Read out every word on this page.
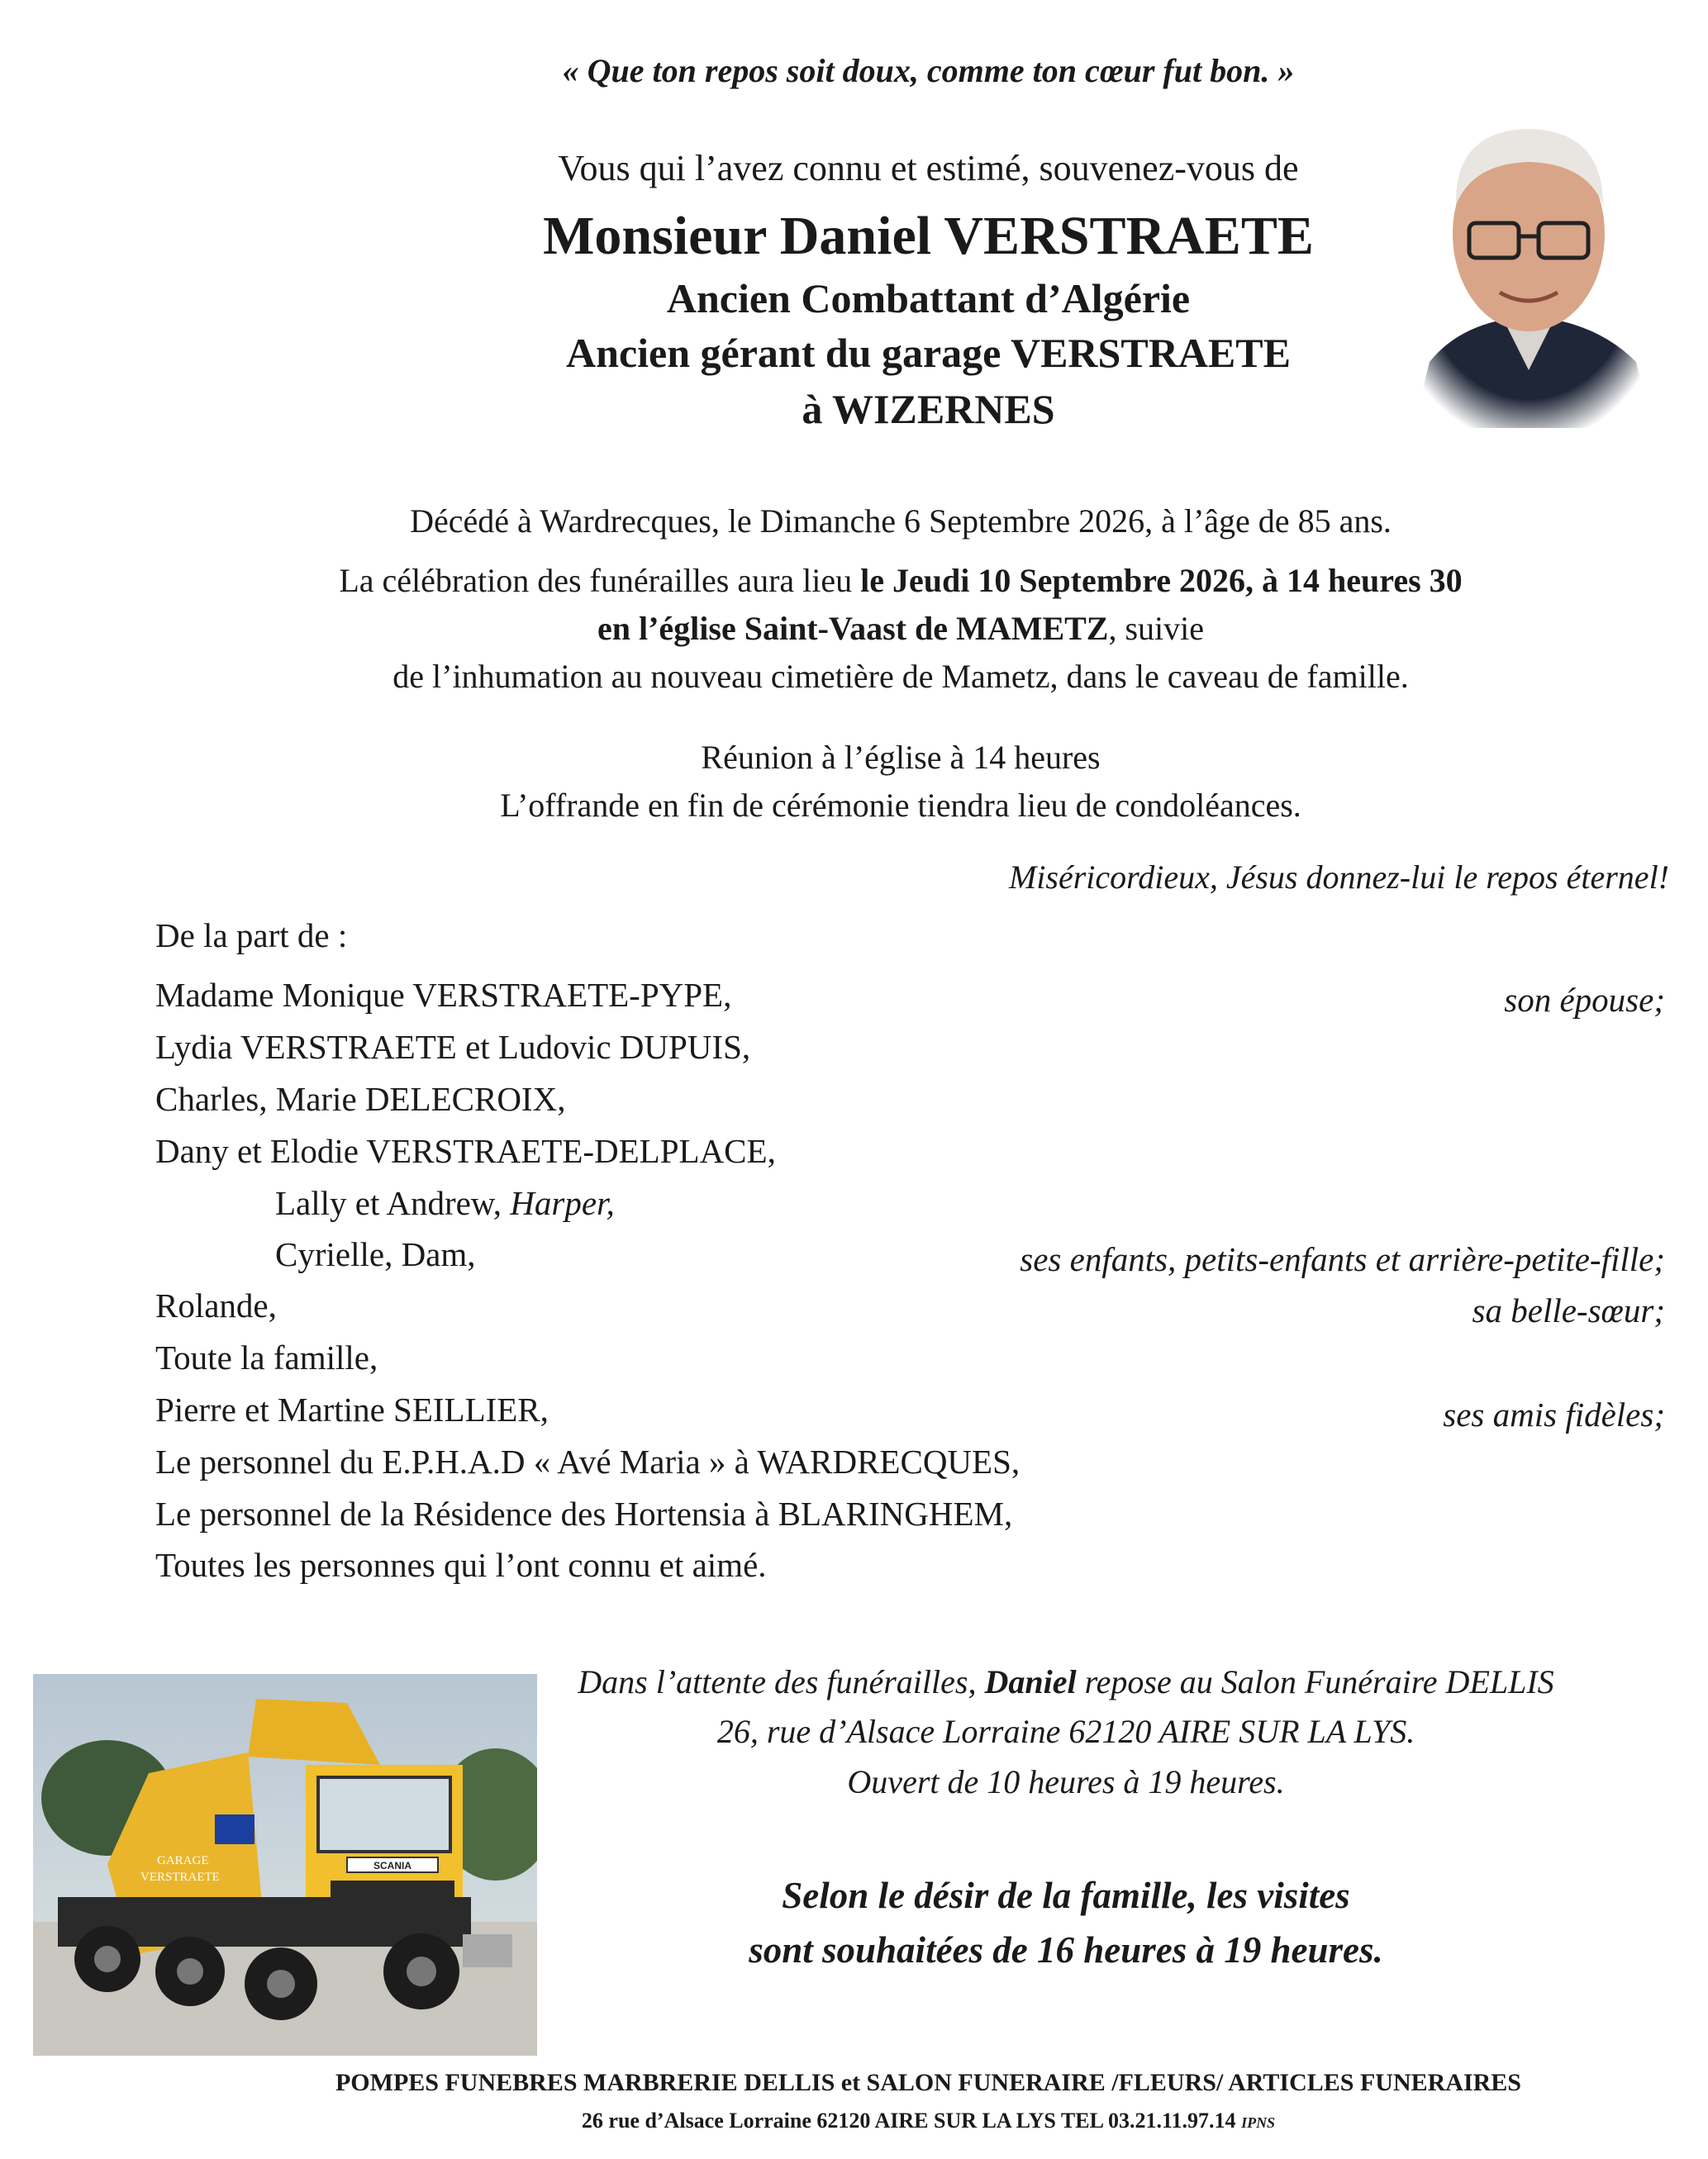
« Que ton repos soit doux, comme ton cœur fut bon. »
Vous qui l’avez connu et estimé, souvenez-vous de
Monsieur Daniel VERSTRAETE
Ancien Combattant d’Algérie
Ancien gérant du garage VERSTRAETE
à WIZERNES
Décédé à Wardrecques, le Dimanche 6 Septembre 2026, à l’âge de 85 ans.
La célébration des funérailles aura lieu le Jeudi 10 Septembre 2026, à 14 heures 30
en l’église Saint-Vaast de MAMETZ, suivie
de l’inhumation au nouveau cimetière de Mametz, dans le caveau de famille.
Réunion à l’église à 14 heures
L’offrande en fin de cérémonie tiendra lieu de condoléances.
Miséricordieux, Jésus donnez-lui le repos éternel!
De la part de :
Madame Monique VERSTRAETE-PYPE,
Lydia VERSTRAETE et Ludovic DUPUIS,
Charles, Marie DELECROIX,
Dany et Elodie VERSTRAETE-DELPLACE,
Lally et Andrew, Harper,
Cyrielle, Dam,
Rolande,
Toute la famille,
Pierre et Martine SEILLIER,
Le personnel du E.P.H.A.D « Avé Maria » à WARDRECQUES,
Le personnel de la Résidence des Hortensia à BLARINGHEM,
Toutes les personnes qui l’ont connu et aimé.
son épouse;
ses enfants, petits-enfants et arrière-petite-fille;
sa belle-sœur;
ses amis fidèles;
SCANIA
GARAGE
VERSTRAETE
Dans l’attente des funérailles, Daniel repose au Salon Funéraire DELLIS
26, rue d’Alsace Lorraine 62120 AIRE SUR LA LYS.
Ouvert de 10 heures à 19 heures.
Selon le désir de la famille, les visites
sont souhaitées de 16 heures à 19 heures.
POMPES FUNEBRES MARBRERIE DELLIS et SALON FUNERAIRE /FLEURS/ ARTICLES FUNERAIRES
26 rue d’Alsace Lorraine 62120 AIRE SUR LA LYS TEL 03.21.11.97.14 IPNS
